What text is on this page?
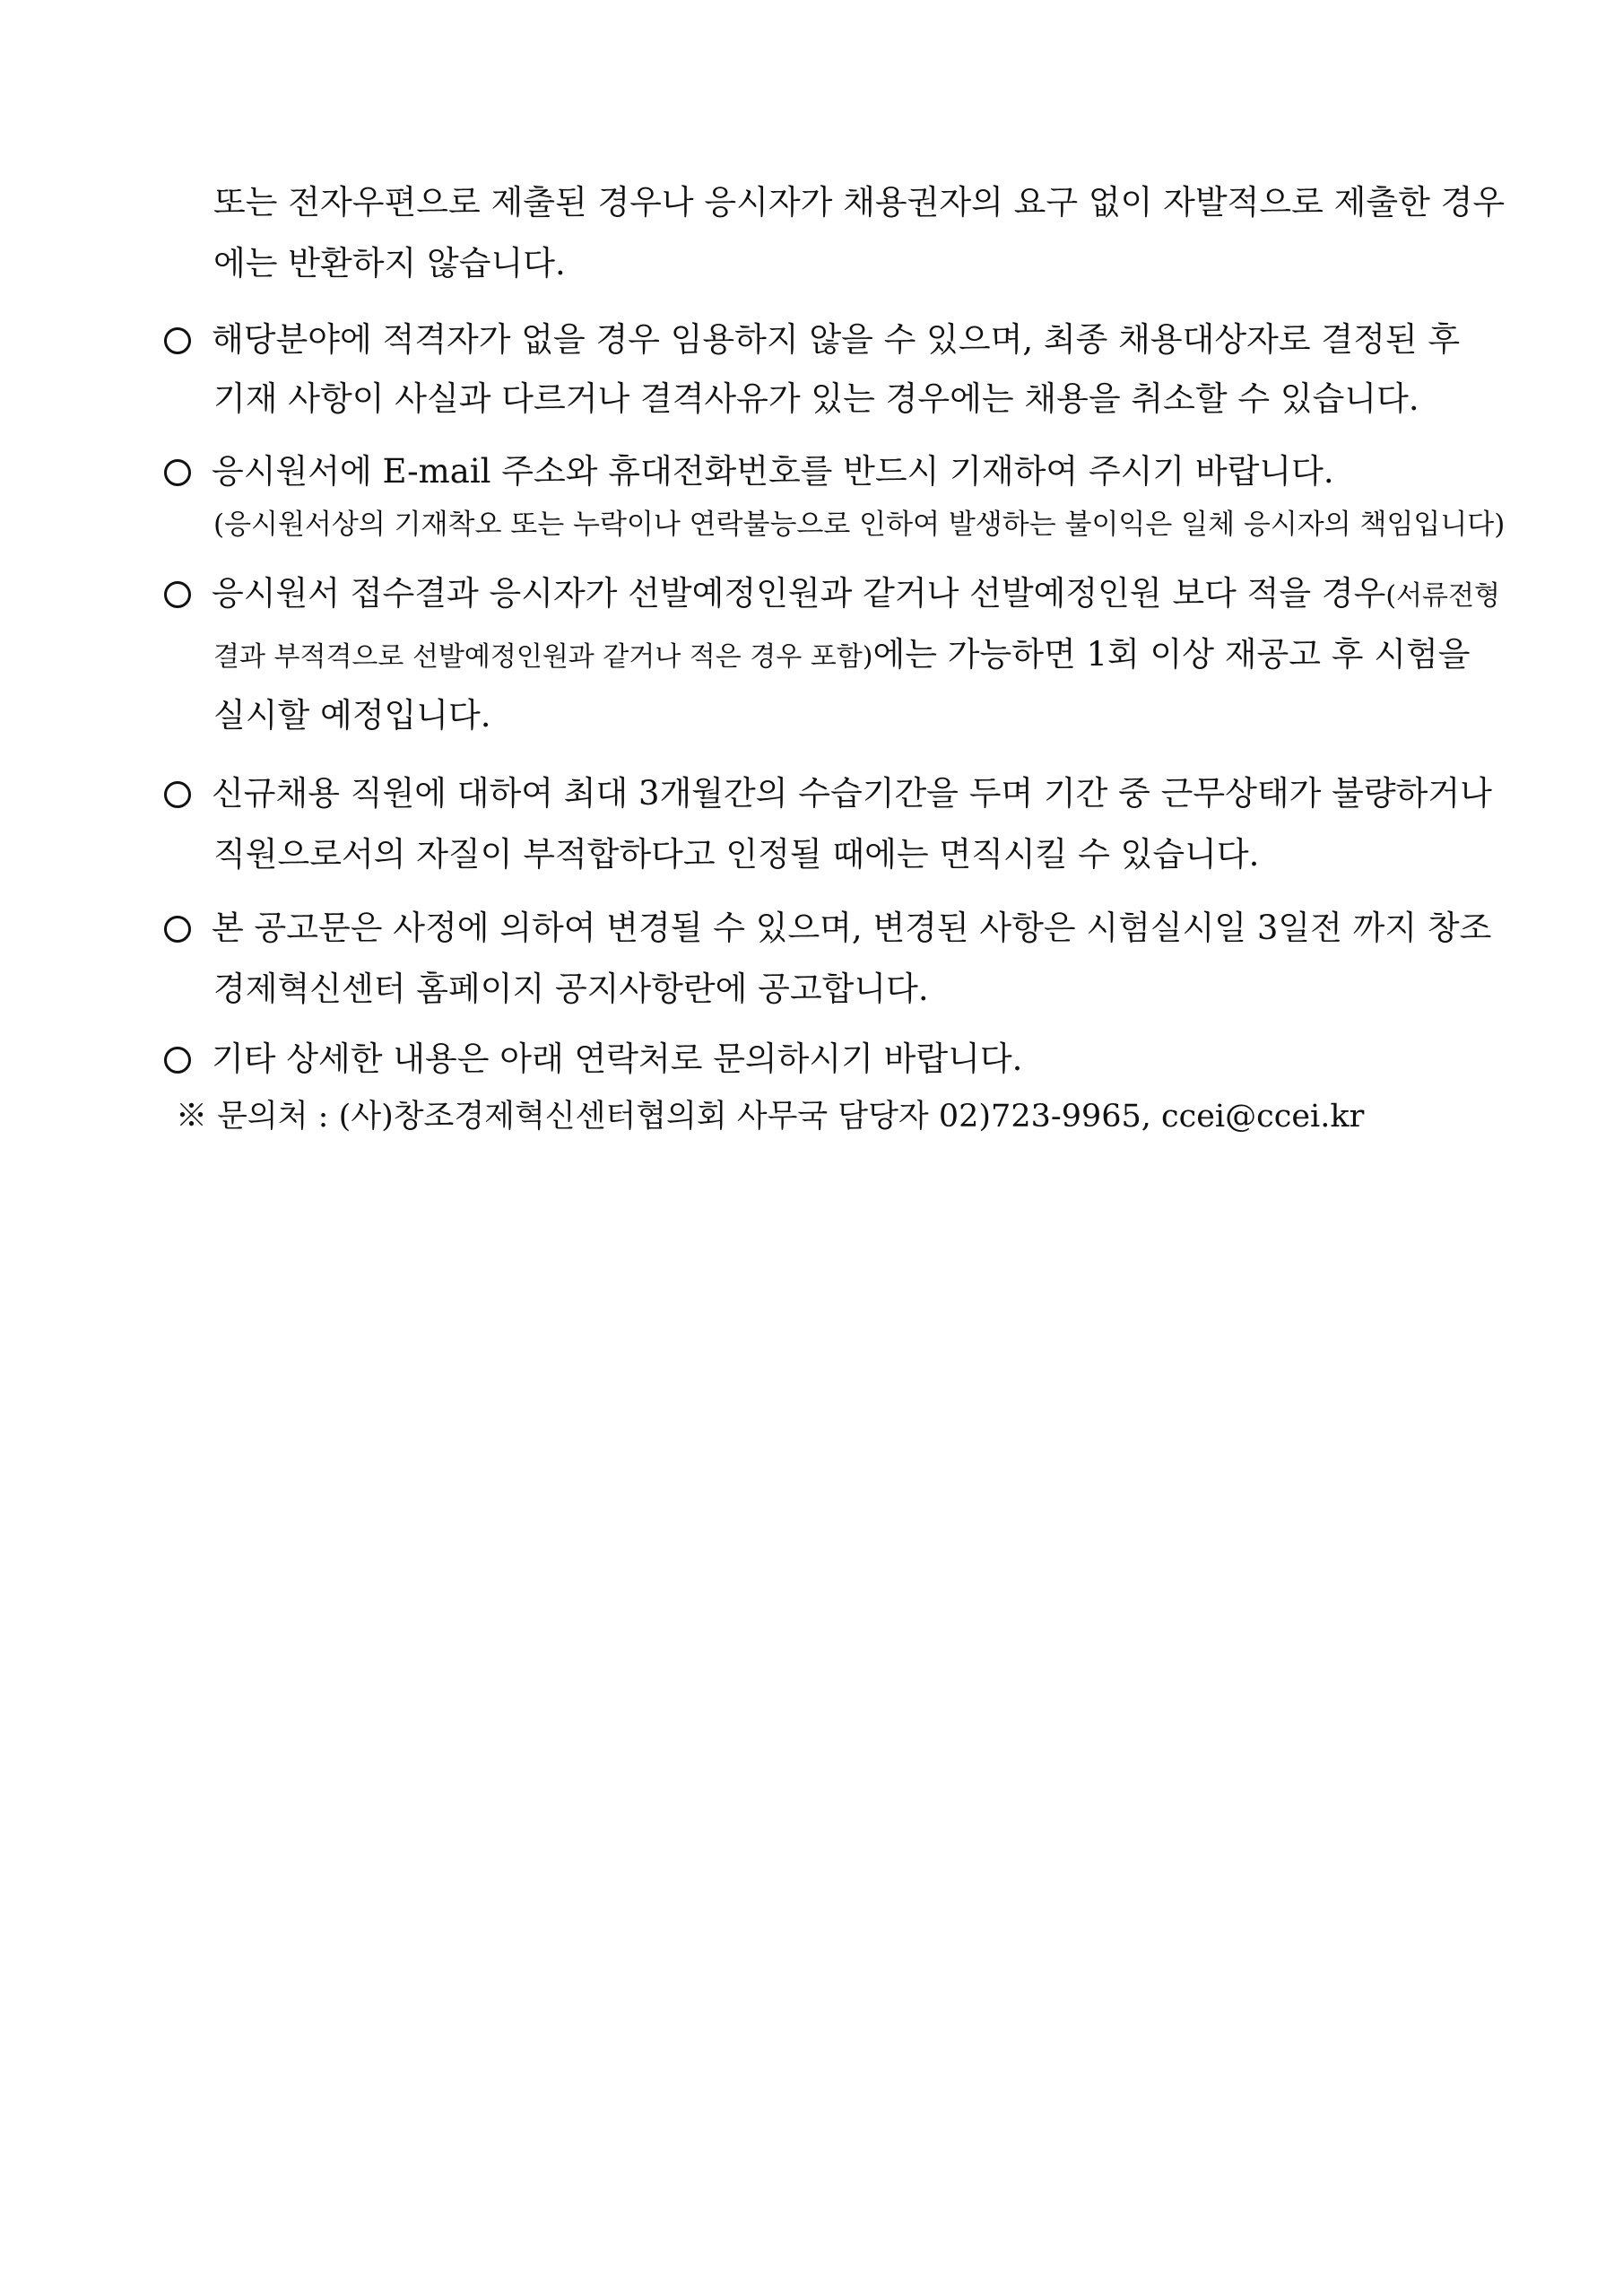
또는 전자우편으로 제출된 경우나 응시자가 채용권자의 요구 없이 자발적으로 제출한 경우
에는 반환하지 않습니다.
해당분야에 적격자가 없을 경우 임용하지 않을 수 있으며, 최종 채용대상자로 결정된 후
기재 사항이 사실과 다르거나 결격사유가 있는 경우에는 채용을 취소할 수 있습니다.
응시원서에 E-mail 주소와 휴대전화번호를 반드시 기재하여 주시기 바랍니다.
(응시원서상의 기재착오 또는 누락이나 연락불능으로 인하여 발생하는 불이익은 일체 응시자의 책임입니다)
응시원서 접수결과 응시자가 선발예정인원과 같거나 선발예정인원 보다 적을 경우(서류전형
결과 부적격으로 선발예정인원과 같거나 적은 경우 포함)에는 가능하면 1회 이상 재공고 후 시험을
실시할 예정입니다.
신규채용 직원에 대하여 최대 3개월간의 수습기간을 두며 기간 중 근무상태가 불량하거나
직원으로서의 자질이 부적합하다고 인정될 때에는 면직시킬 수 있습니다.
본 공고문은 사정에 의하여 변경될 수 있으며, 변경된 사항은 시험실시일 3일전 까지 창조
경제혁신센터 홈페이지 공지사항란에 공고합니다.
기타 상세한 내용은 아래 연락처로 문의하시기 바랍니다.
※ 문의처 : (사)창조경제혁신센터협의회 사무국 담당자 02)723-9965, ccei@ccei.kr
